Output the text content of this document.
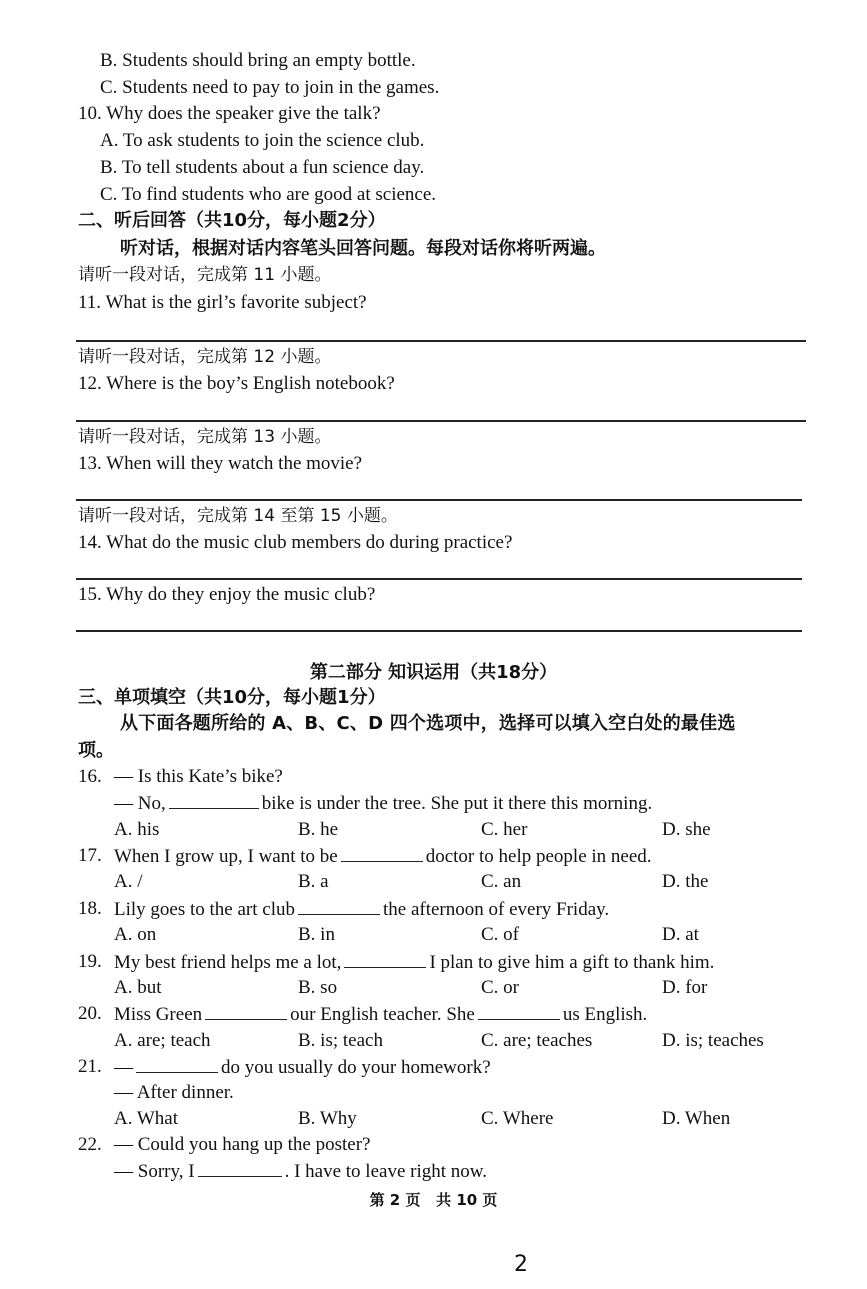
B. Students should bring an empty bottle.
C. Students need to pay to join in the games.
10. Why does the speaker give the talk?
A. To ask students to join the science club.
B. To tell students about a fun science day.
C. To find students who are good at science.
二、听后回答（共10分，每小题2分）
听对话，根据对话内容笔头回答问题。每段对话你将听两遍。
请听一段对话，完成第 11 小题。
11. What is the girl’s favorite subject?
请听一段对话，完成第 12 小题。
12. Where is the boy’s English notebook?
请听一段对话，完成第 13 小题。
13. When will they watch the movie?
请听一段对话，完成第 14 至第 15 小题。
14. What do the music club members do during practice?
15. Why do they enjoy the music club?
第二部分 知识运用（共18分）
三、单项填空（共10分，每小题1分）
从下面各题所给的 A、B、C、D 四个选项中，选择可以填入空白处的最佳选
项。
16. — Is this Kate’s bike?
— No,	bike is under the tree. She put it there this morning.
A. his	B. he	C. her	D. she
17. When I grow up, I want to be	doctor to help people in need.
A. /	B. a	C. an	D. the
18. Lily goes to the art club	the afternoon of every Friday.
A. on	B. in	C. of	D. at
19. My best friend helps me a lot,	I plan to give him a gift to thank him.
A. but	B. so	C. or	D. for
20. Miss Green	our English teacher. She	us English.
A. are; teach	B. is; teach	C. are; teaches	D. is; teaches
21. —	do you usually do your homework?
— After dinner.
A. What	B. Why	C. Where	D. When
22. — Could you hang up the poster?
— Sorry, I	. I have to leave right now.
第 2 页   共 10 页
2
